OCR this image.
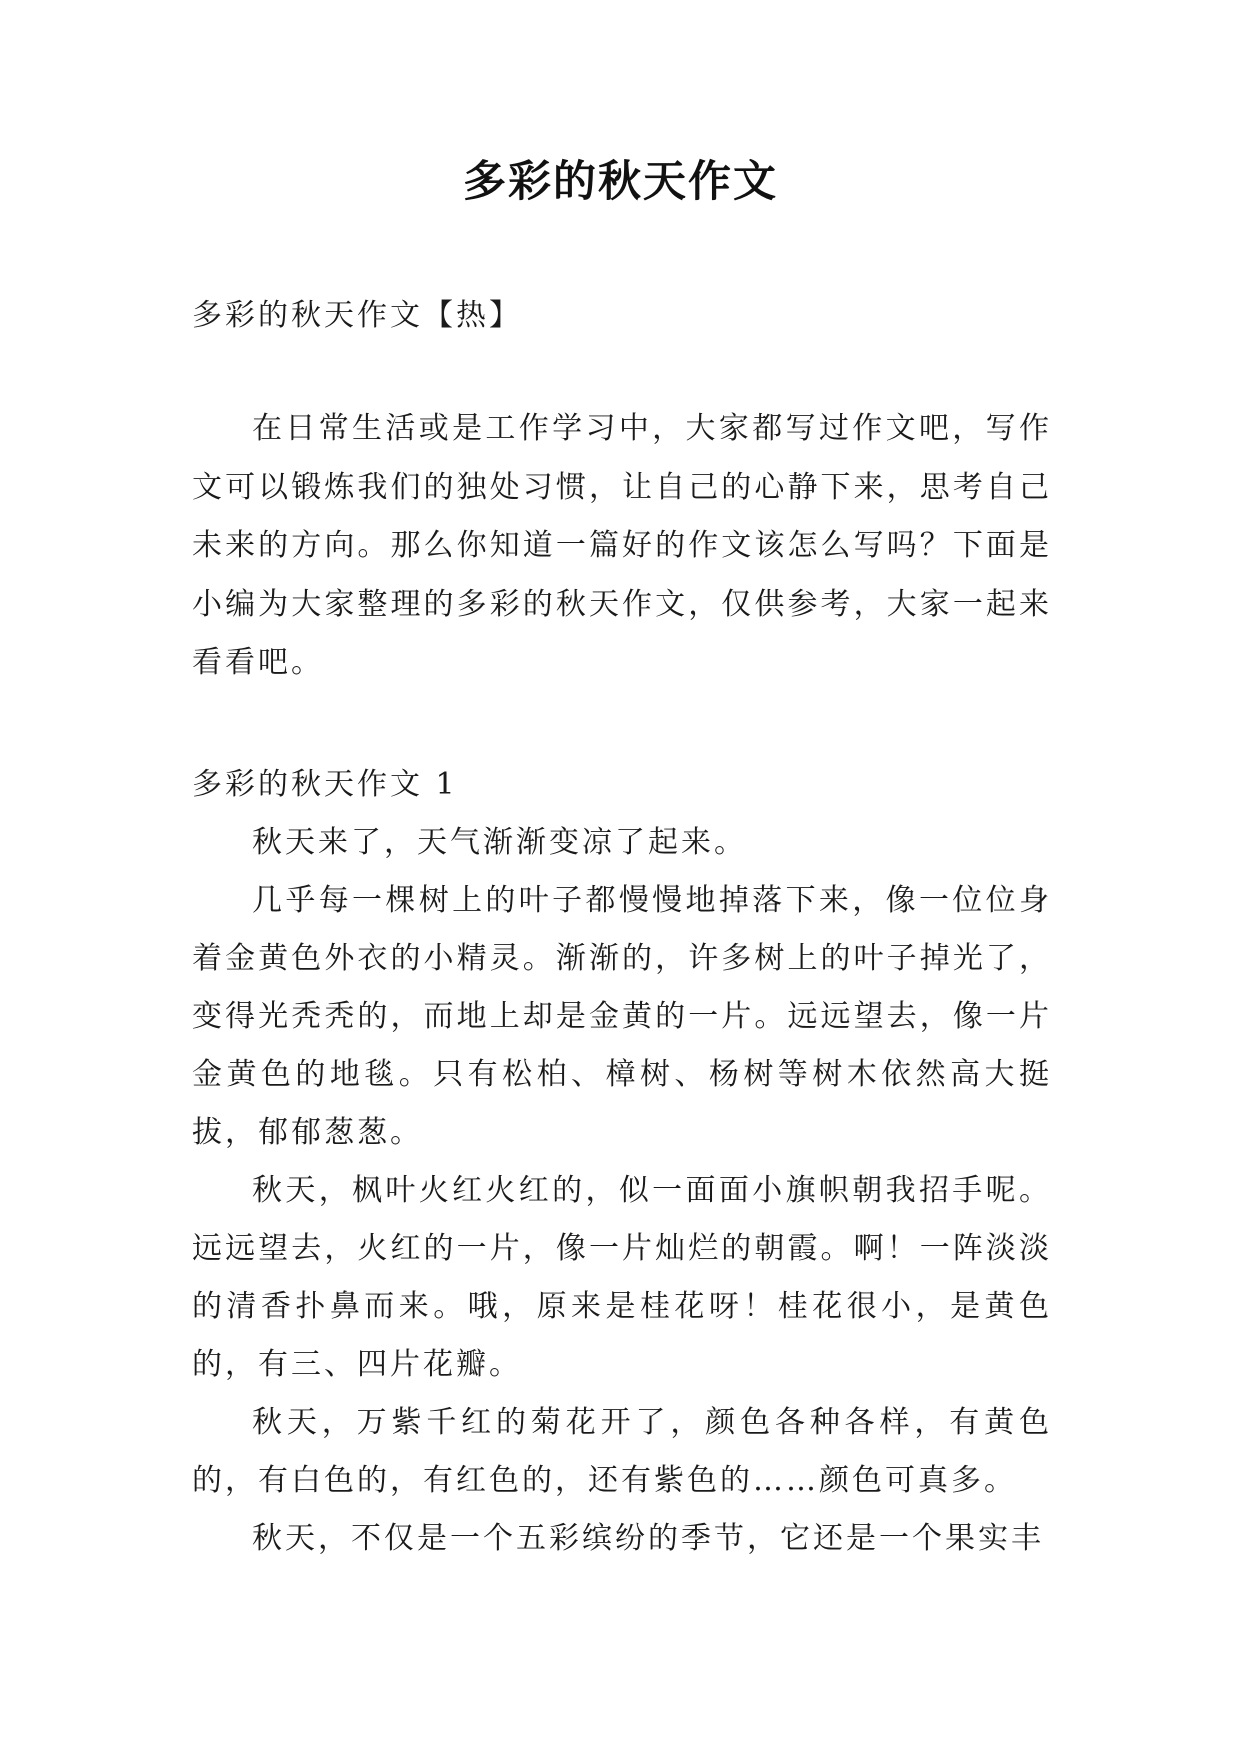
多彩的秋天作文
多彩的秋天作文【热】

在日常生活或是工作学习中，大家都写过作文吧，写作文可以锻炼我们的独处习惯，让自己的心静下来，思考自己未来的方向。那么你知道一篇好的作文该怎么写吗？下面是小编为大家整理的多彩的秋天作文，仅供参考，大家一起来看看吧。

多彩的秋天作文 1

秋天来了，天气渐渐变凉了起来。

几乎每一棵树上的叶子都慢慢地掉落下来，像一位位身着金黄色外衣的小精灵。渐渐的，许多树上的叶子掉光了，变得光秃秃的，而地上却是金黄的一片。远远望去，像一片金黄色的地毯。只有松柏、樟树、杨树等树木依然高大挺拔，郁郁葱葱。

秋天，枫叶火红火红的，似一面面小旗帜朝我招手呢。远远望去，火红的一片，像一片灿烂的朝霞。啊！一阵淡淡的清香扑鼻而来。哦，原来是桂花呀！桂花很小，是黄色的，有三、四片花瓣。

秋天，万紫千红的菊花开了，颜色各种各样，有黄色的，有白色的，有红色的，还有紫色的……颜色可真多。

秋天，不仅是一个五彩缤纷的季节，它还是一个果实丰
